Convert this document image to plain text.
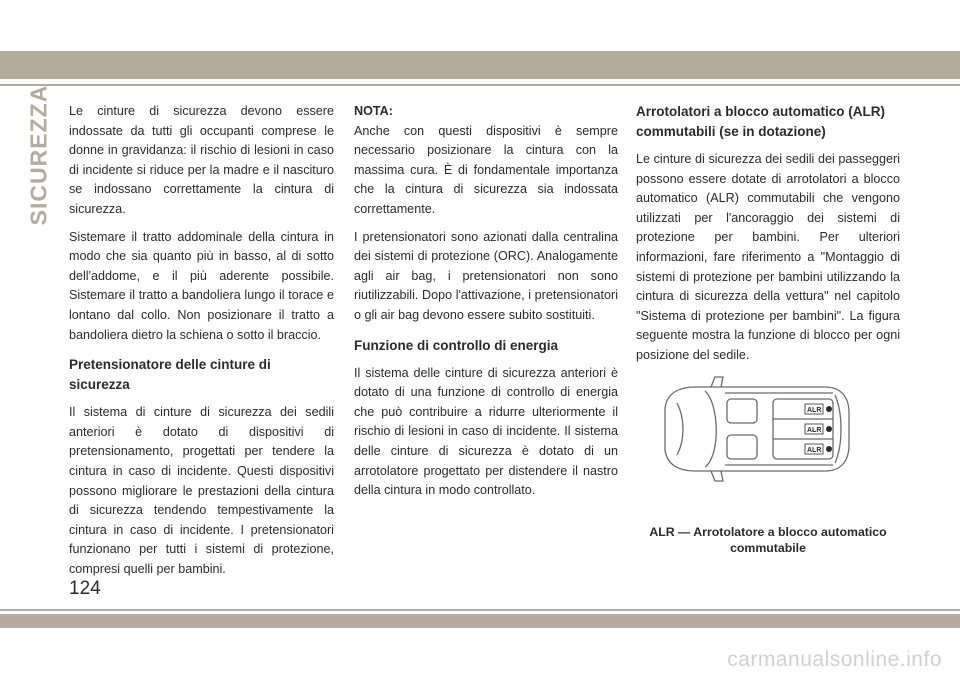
SICUREZZA Le cinture di sicurezza devono essere indossate da tutti gli occupanti comprese le donne in gravidanza: il rischio di lesioni in caso di incidente si riduce per la madre e il nascituro se indossano correttamente la cintura di sicurezza.

Sistemare il tratto addominale della cintura in modo che sia quanto più in basso, al di sotto dell'addome, e il più aderente possibile. Sistemare il tratto a bandoliera lungo il torace e lontano dal collo. Non posizionare il tratto a bandoliera dietro la schiena o sotto il braccio.

Pretensionatore delle cinture di sicurezza

Il sistema di cinture di sicurezza dei sedili anteriori è dotato di dispositivi di pretensionamento, progettati per tendere la cintura in caso di incidente. Questi dispositivi possono migliorare le prestazioni della cintura di sicurezza tendendo tempestivamente la cintura in caso di incidente. I pretensionatori funzionano per tutti i sistemi di protezione, compresi quelli per bambini.

NOTA:
Anche con questi dispositivi è sempre necessario posizionare la cintura con la massima cura. È di fondamentale importanza che la cintura di sicurezza sia indossata correttamente.

I pretensionatori sono azionati dalla centralina dei sistemi di protezione (ORC). Analogamente agli air bag, i pretensionatori non sono riutilizzabili. Dopo l'attivazione, i pretensionatori o gli air bag devono essere subito sostituiti.

Funzione di controllo di energia

Il sistema delle cinture di sicurezza anteriori è dotato di una funzione di controllo di energia che può contribuire a ridurre ulteriormente il rischio di lesioni in caso di incidente. Il sistema delle cinture di sicurezza è dotato di un arrotolatore progettato per distendere il nastro della cintura in modo controllato.

Arrotolatori a blocco automatico (ALR) commutabili (se in dotazione)

Le cinture di sicurezza dei sedili dei passeggeri possono essere dotate di arrotolatori a blocco automatico (ALR) commutabili che vengono utilizzati per l'ancoraggio dei sistemi di protezione per bambini. Per ulteriori informazioni, fare riferimento a "Montaggio di sistemi di protezione per bambini utilizzando la cintura di sicurezza della vettura" nel capitolo "Sistema di protezione per bambini". La figura seguente mostra la funzione di blocco per ogni posizione del sedile.

ALR
ALR
ALR
ALR — Arrotolatore a blocco automatico commutabile
124
carmanualsonline.info
